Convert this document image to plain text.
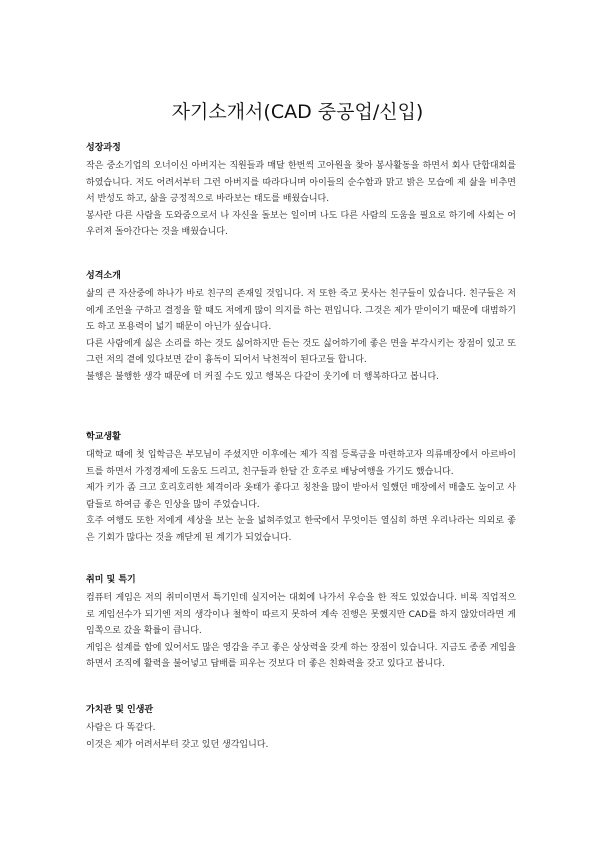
자기소개서(CAD 중공업/신입)
성장과정

작은 중소기업의 오너이신 아버지는 직원들과 매달 한번씩 고아원을 찾아 봉사활동을 하면서 회사 단합대회를 하였습니다. 저도 어려서부터 그런 아버지를 따라다니며 아이들의 순수함과 맑고 밝은 모습에 제 삶을 비추면서 반성도 하고, 삶을 긍정적으로 바라보는 태도를 배웠습니다.

봉사란 다른 사람을 도와줌으로서 나 자신을 돌보는 일이며 나도 다른 사람의 도움을 필요로 하기에 사회는 어우러져 돌아간다는 것을 배웠습니다.

성격소개

삶의 큰 자산중에 하나가 바로 친구의 존재일 것입니다. 저 또한 죽고 못사는 친구들이 있습니다. 친구들은 저에게 조언을 구하고 결정을 할 때도 저에게 많이 의지를 하는 편입니다. 그것은 제가 맏이이기 때문에 대범하기도 하고 포용력이 넓기 때문이 아닌가 싶습니다.

다른 사람에게 싫은 소리를 하는 것도 싫어하지만 듣는 것도 싫어하기에 좋은 면을 부각시키는 장점이 있고 또 그런 저의 곁에 있다보면 같이 흉독이 되어서 낙천적이 된다고들 합니다.

불행은 불행한 생각 때문에 더 커질 수도 있고 행복은 다같이 웃기에 더 행복하다고 봅니다.

학교생활

대학교 때에 첫 입학금은 부모님이 주셨지만 이후에는 제가 직접 등록금을 마련하고자 의류매장에서 아르바이트를 하면서 가정경제에 도움도 드리고, 친구들과 한달 간 호주로 배낭여행을 가기도 했습니다.

제가 키가 좀 크고 호리호리한 체격이라 옷태가 좋다고 칭찬을 많이 받아서 일했던 매장에서 매출도 높이고 사람들로 하여금 좋은 인상을 많이 주었습니다.

호주 여행도 또한 저에게 세상을 보는 눈을 넓혀주었고 한국에서 무엇이든 열심히 하면 우리나라는 의외로 좋은 기회가 많다는 것을 깨닫게 된 계기가 되었습니다.

취미 및 특기

컴퓨터 게임은 저의 취미이면서 특기인데 실지어는 대회에 나가서 우승을 한 적도 있었습니다. 비록 직업적으로 게임선수가 되기엔 저의 생각이나 철학이 따르지 못하여 계속 진행은 못했지만 CAD를 하지 않았더라면 게임쪽으로 갔을 확률이 큽니다.

게임은 설계를 함에 있어서도 많은 영감을 주고 좋은 상상력을 갖게 하는 장점이 있습니다. 지금도 종종 게임을 하면서 조직에 활력을 불어넣고 답배를 피우는 것보다 더 좋은 친화력을 갖고 있다고 봅니다.

가치관 및 인생관

사람은 다 똑같다.

이것은 제가 어려서부터 갖고 있던 생각입니다.
